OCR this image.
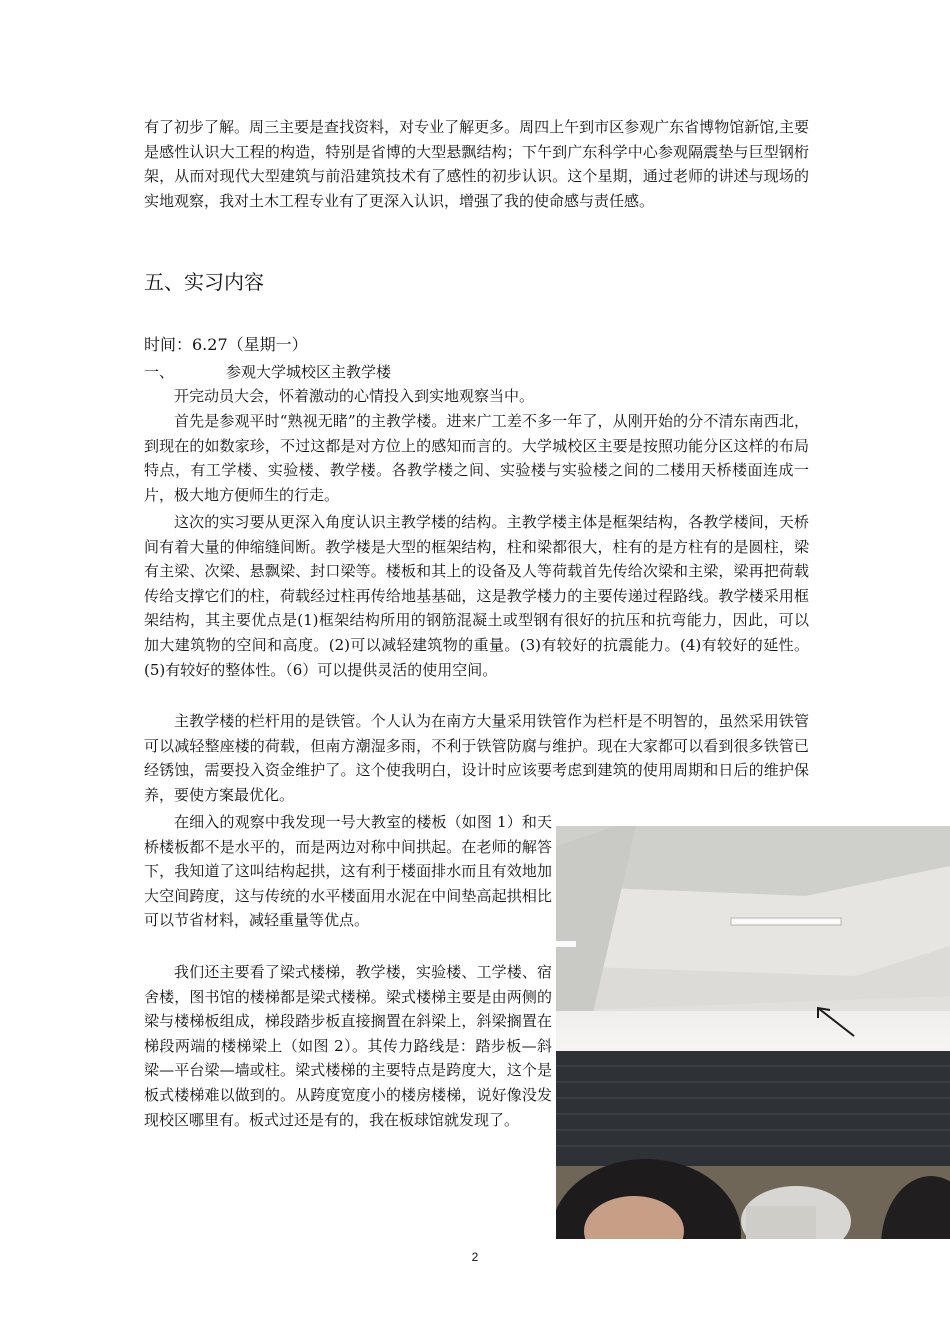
有了初步了解。周三主要是查找资料，对专业了解更多。周四上午到市区参观广东省博物馆新馆,主要是感性认识大工程的构造，特别是省博的大型悬飘结构；下午到广东科学中心参观隔震垫与巨型钢桁架，从而对现代大型建筑与前沿建筑技术有了感性的初步认识。这个星期，通过老师的讲述与现场的实地观察，我对土木工程专业有了更深入认识，增强了我的使命感与责任感。

五、实习内容

时间：6.27（星期一）

一、	参观大学城校区主教学楼

开完动员大会，怀着激动的心情投入到实地观察当中。

首先是参观平时“熟视无睹”的主教学楼。进来广工差不多一年了，从刚开始的分不清东南西北，到现在的如数家珍，不过这都是对方位上的感知而言的。大学城校区主要是按照功能分区这样的布局特点，有工学楼、实验楼、教学楼。各教学楼之间、实验楼与实验楼之间的二楼用天桥楼面连成一片，极大地方便师生的行走。

这次的实习要从更深入角度认识主教学楼的结构。主教学楼主体是框架结构，各教学楼间，天桥间有着大量的伸缩缝间断。教学楼是大型的框架结构，柱和梁都很大，柱有的是方柱有的是圆柱，梁有主梁、次梁、悬飘梁、封口梁等。楼板和其上的设备及人等荷载首先传给次梁和主梁，梁再把荷载传给支撑它们的柱，荷载经过柱再传给地基基础，这是教学楼力的主要传递过程路线。教学楼采用框架结构，其主要优点是(1)框架结构所用的钢筋混凝土或型钢有很好的抗压和抗弯能力，因此，可以加大建筑物的空间和高度。(2)可以减轻建筑物的重量。(3)有较好的抗震能力。(4)有较好的延性。(5)有较好的整体性。（6）可以提供灵活的使用空间。

主教学楼的栏杆用的是铁管。个人认为在南方大量采用铁管作为栏杆是不明智的，虽然采用铁管可以减轻整座楼的荷载，但南方潮湿多雨，不利于铁管防腐与维护。现在大家都可以看到很多铁管已经锈蚀，需要投入资金维护了。这个使我明白，设计时应该要考虑到建筑的使用周期和日后的维护保养，要使方案最优化。

在细入的观察中我发现一号大教室的楼板（如图 1）和天桥楼板都不是水平的，而是两边对称中间拱起。在老师的解答下，我知道了这叫结构起拱，这有利于楼面排水而且有效地加大空间跨度，这与传统的水平楼面用水泥在中间垫高起拱相比可以节省材料，减轻重量等优点。

我们还主要看了梁式楼梯，教学楼，实验楼、工学楼、宿舍楼，图书馆的楼梯都是梁式楼梯。梁式楼梯主要是由两侧的梁与楼梯板组成，梯段踏步板直接搁置在斜梁上，斜梁搁置在梯段两端的楼梯梁上（如图 2）。其传力路线是：踏步板—斜梁—平台梁—墙或柱。梁式楼梯的主要特点是跨度大，这个是板式楼梯难以做到的。从跨度宽度小的楼房楼梯，说好像没发现校区哪里有。板式过还是有的，我在板球馆就发现了。

2
